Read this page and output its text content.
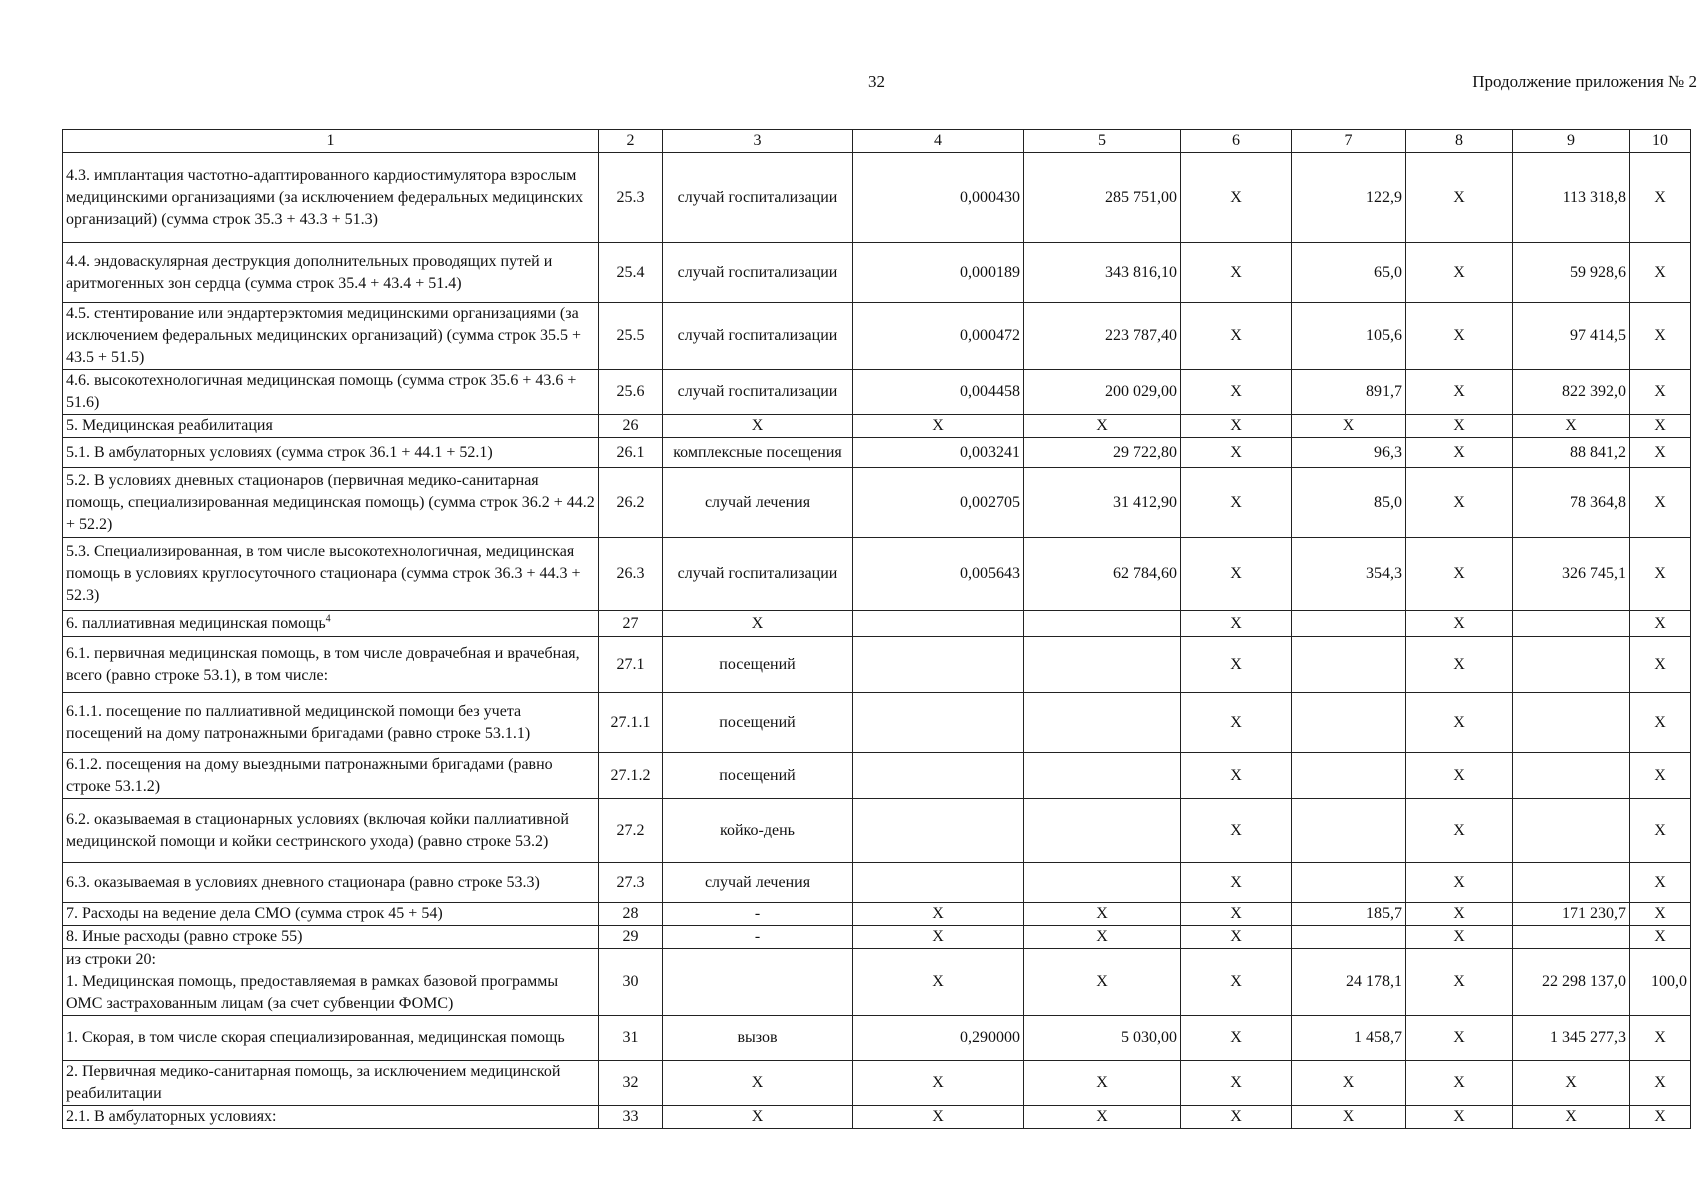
32	Продолжение приложения № 2
1	2	3	4	5	6	7	8	9	10
4.3. имплантация частотно-адаптированного кардиостимулятора взрослым медицинскими организациями (за исключением федеральных медицинских организаций) (сумма строк 35.3 + 43.3 + 51.3)	25.3	случай госпитализации	0,000430	285 751,00	X	122,9	X	113 318,8	X
4.4. эндоваскулярная деструкция дополнительных проводящих путей и аритмогенных зон сердца (сумма строк 35.4 + 43.4 + 51.4)	25.4	случай госпитализации	0,000189	343 816,10	X	65,0	X	59 928,6	X
4.5. стентирование или эндартерэктомия медицинскими организациями (за исключением федеральных медицинских организаций) (сумма строк 35.5 + 43.5 + 51.5)	25.5	случай госпитализации	0,000472	223 787,40	X	105,6	X	97 414,5	X
4.6. высокотехнологичная медицинская помощь (сумма строк 35.6 + 43.6 + 51.6)	25.6	случай госпитализации	0,004458	200 029,00	X	891,7	X	822 392,0	X
5. Медицинская реабилитация	26	X	X	X	X	X	X	X	X
5.1. В амбулаторных условиях (сумма строк 36.1 + 44.1 + 52.1)	26.1	комплексные посещения	0,003241	29 722,80	X	96,3	X	88 841,2	X
5.2. В условиях дневных стационаров (первичная медико-санитарная помощь, специализированная медицинская помощь) (сумма строк 36.2 + 44.2 + 52.2)	26.2	случай лечения	0,002705	31 412,90	X	85,0	X	78 364,8	X
5.3. Специализированная, в том числе высокотехнологичная, медицинская помощь в условиях круглосуточного стационара (сумма строк 36.3 + 44.3 + 52.3)	26.3	случай госпитализации	0,005643	62 784,60	X	354,3	X	326 745,1	X
6. паллиативная медицинская помощь$^4$	27	X			X		X		X
6.1. первичная медицинская помощь, в том числе доврачебная и врачебная, всего (равно строке 53.1), в том числе:	27.1	посещений			X		X		X
6.1.1. посещение по паллиативной медицинской помощи без учета посещений на дому патронажными бригадами (равно строке 53.1.1)	27.1.1	посещений			X		X		X
6.1.2. посещения на дому выездными патронажными бригадами (равно строке 53.1.2)	27.1.2	посещений			X		X		X
6.2. оказываемая в стационарных условиях (включая койки паллиативной медицинской помощи и койки сестринского ухода) (равно строке 53.2)	27.2	койко-день			X		X		X
6.3. оказываемая в условиях дневного стационара (равно строке 53.3)	27.3	случай лечения			X		X		X
7. Расходы на ведение дела СМО (сумма строк 45 + 54)	28	-	X	X	X	185,7	X	171 230,7	X
8. Иные расходы (равно строке 55)	29	-	X	X	X		X		X
из строки 20:
1. Медицинская помощь, предоставляемая в рамках базовой программы ОМС застрахованным лицам (за счет субвенции ФОМС)	30		X	X	X	24 178,1	X	22 298 137,0	100,0
1. Скорая, в том числе скорая специализированная, медицинская помощь	31	вызов	0,290000	5 030,00	X	1 458,7	X	1 345 277,3	X
2. Первичная медико-санитарная помощь, за исключением медицинской реабилитации	32	X	X	X	X	X	X	X	X
2.1. В амбулаторных условиях:	33	X	X	X	X	X	X	X	X
